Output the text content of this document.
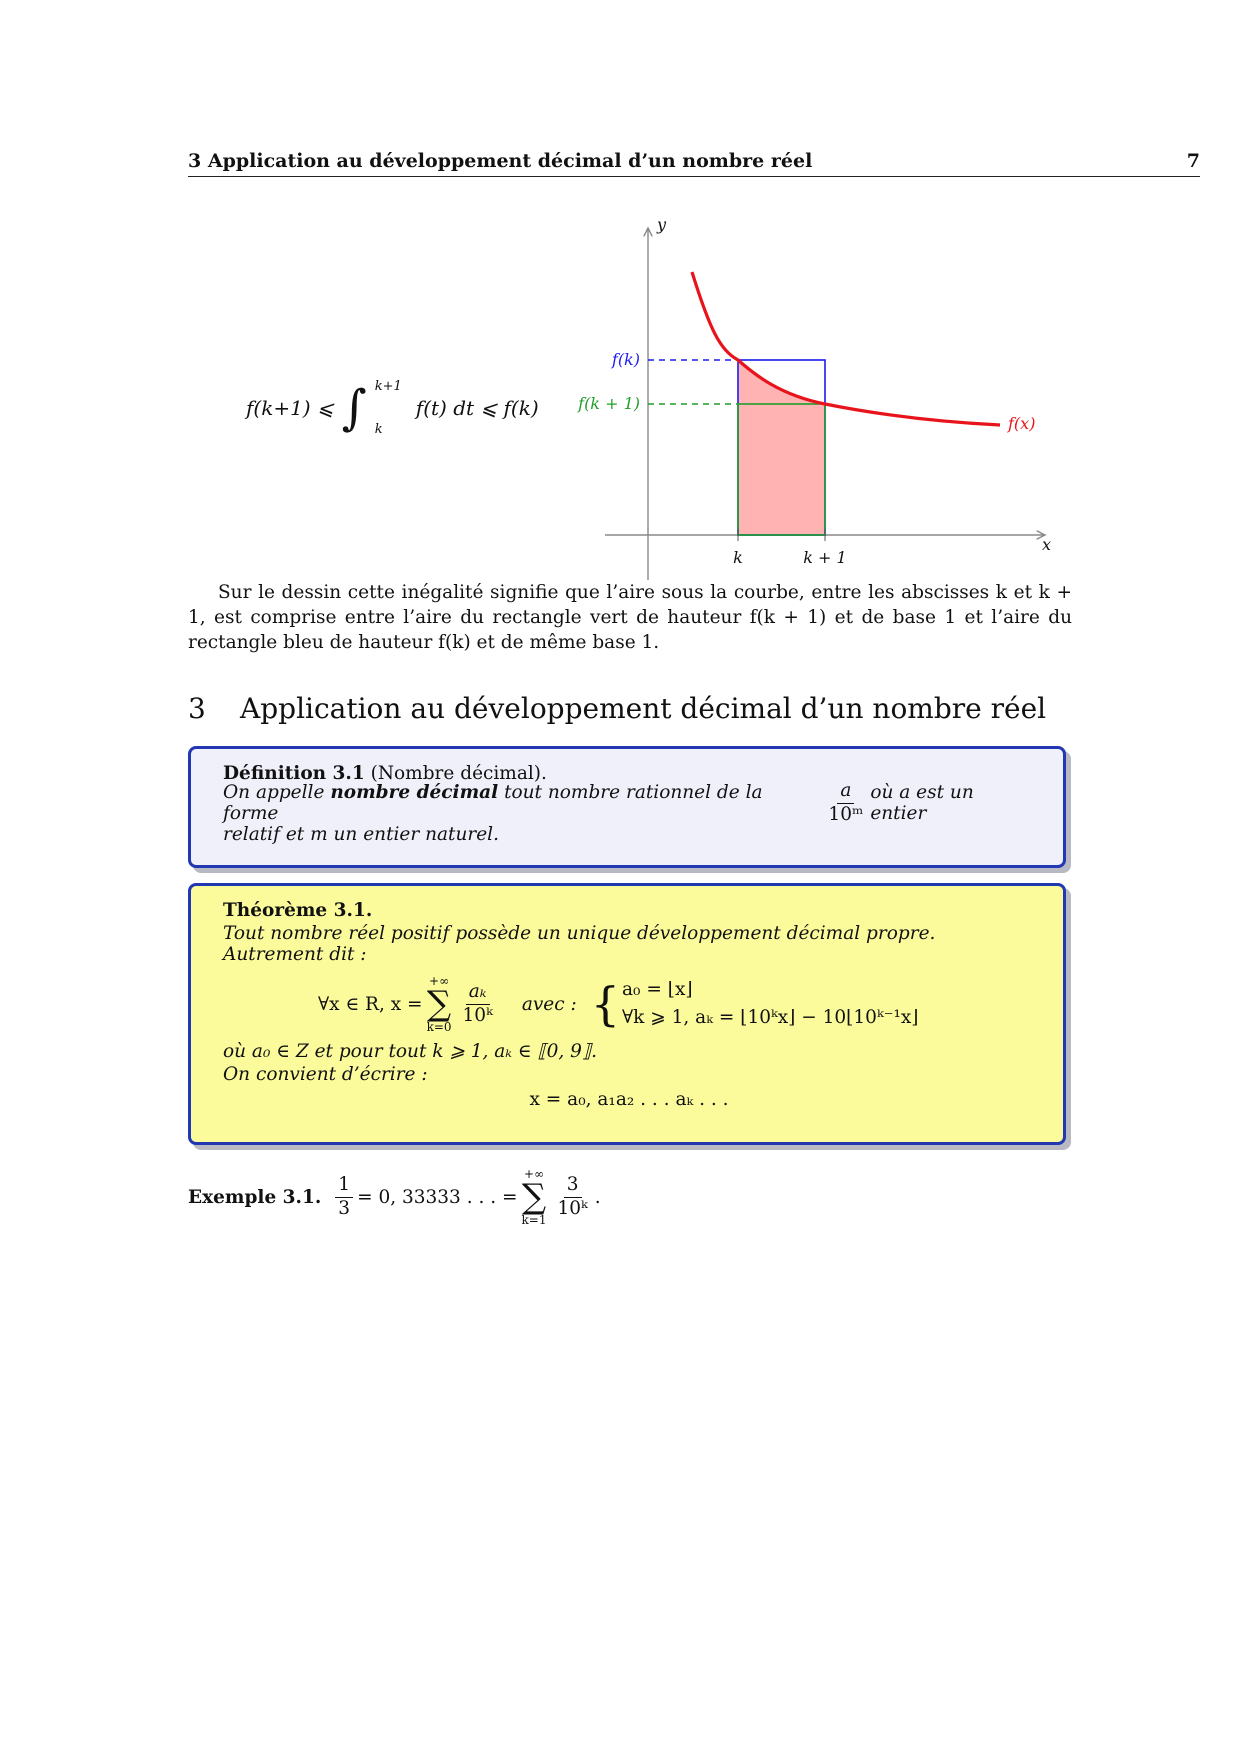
3 Application au développement décimal d’un nombre réel	7
f(k+1) ⩽ ∫ k+1
k
f(t) dt ⩽ f(k)
y
x
f(k)
f(k + 1)
f(x)
k	k + 1
Sur le dessin cette inégalité signifie que l’aire sous la courbe, entre les abscisses k et k + 1, est comprise entre l’aire du rectangle vert de hauteur f(k + 1) et de base 1 et l’aire du rectangle bleu de hauteur f(k) et de même base 1.
3 Application au développement décimal d’un nombre réel
Définition 3.1 (Nombre décimal).
On appelle nombre décimal tout nombre rationnel de la forme	$\frac{a}{\text{10ᵐ}}$ où a est un entier
relatif et m un entier naturel.
Théorème 3.1.
Tout nombre réel positif possède un unique développement décimal propre. Autrement dit :
∀x ∈ R, x =
+∞
∑
k=0
$\frac{\text{aₖ}}{\text{10ᵏ}}$ avec : { a₀ = ⌊x⌋
∀k ⩾ 1, aₖ = ⌊10ᵏx⌋ − 10⌊10ᵏ⁻¹x⌋
où a₀ ∈ Z et pour tout k ⩾ 1, aₖ ∈ ⟦0, 9⟧.
On convient d’écrire :
x = a₀, a₁a₂ . . . aₖ . . .
Exemple 3.1. $\frac{1}{3} = 0$, 33333 . . . =
+∞
∑
k=1
$\frac{3}{\text{10ᵏ}}$ .
